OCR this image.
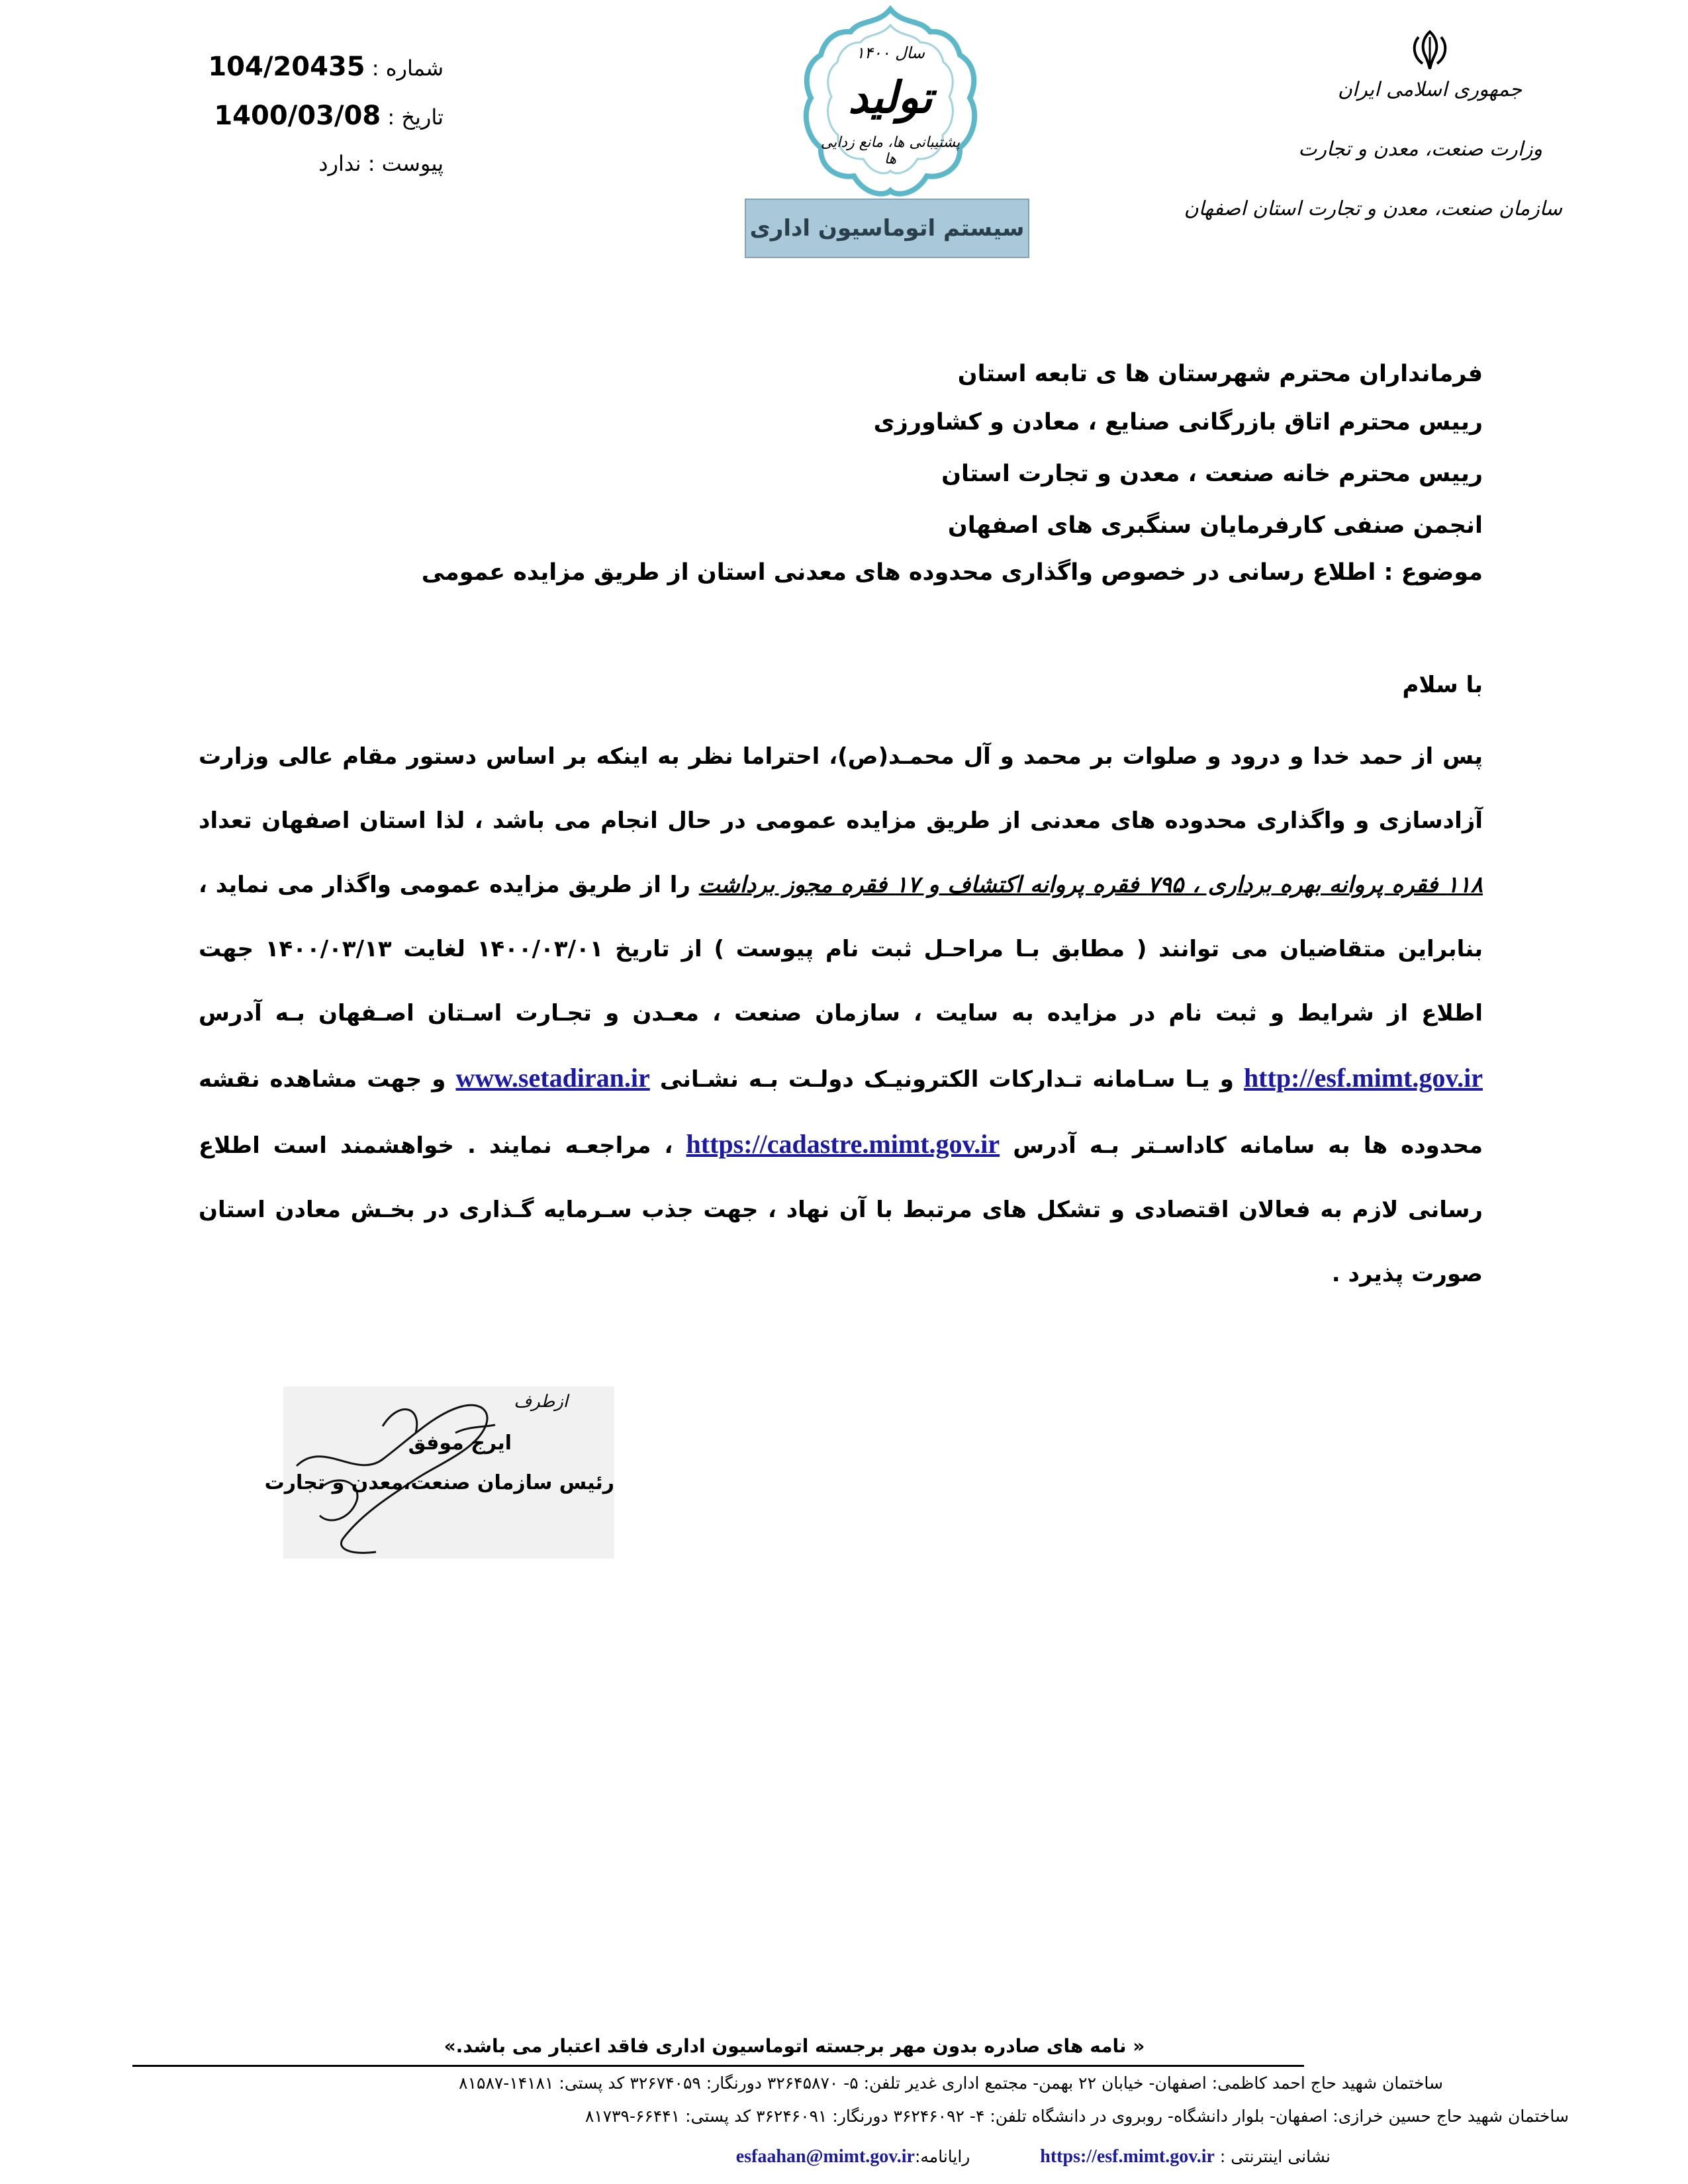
جمهوری اسلامی ایران
وزارت صنعت، معدن و تجارت
سازمان صنعت، معدن و تجارت استان اصفهان
سال ۱۴۰۰
تولید
پشتیبانی ها، مانع زدایی ها
سیستم اتوماسیون اداری
شماره : 104/20435
تاریخ : 1400/03/08
پیوست : ندارد
فرمانداران محترم شهرستان ها ی تابعه استان
رییس محترم اتاق بازرگانی صنایع ، معادن و کشاورزی
رییس محترم خانه صنعت ، معدن و تجارت استان
انجمن صنفی کارفرمایان سنگبری های اصفهان
موضوع : اطلاع رسانی در خصوص واگذاری محدوده های معدنی استان از طریق مزایده عمومی
با سلام
پس از حمد خدا و درود و صلوات بر محمد و آل محمـد(ص)، احتراما نظر به اینکه بر اساس دستور مقام عالی وزارت آزادسازی و واگذاری محدوده های معدنی از طریق مزایده عمومی در حال انجام می باشد ، لذا استان اصفهان تعداد ۱۱۸ فقره پروانه بهره برداری ، ۷۹۵ فقره پروانه اکتشاف و ۱۷ فقره مجوز برداشت را از طریق مزایده عمومی واگذار می نماید ، بنابراین متقاضیان می توانند ( مطابق بـا مراحـل ثبت نام پیوست ) از تاریخ ۱۴۰۰/۰۳/۰۱ لغایت ۱۴۰۰/۰۳/۱۳ جهت اطلاع از شرایط و ثبت نام در مزایده به سایت ، سازمان صنعت ، معـدن و تجـارت اسـتان اصـفهان بـه آدرس http://esf.mimt.gov.ir و یـا سـامانه تـدارکات الکترونیـک دولـت بـه نشـانی www.setadiran.ir و جهت مشاهده نقشه محدوده ها به سامانه کاداسـتر بـه آدرس https://cadastre.mimt.gov.ir ، مراجعـه نمایند . خواهشمند است اطلاع رسانی لازم به فعالان اقتصادی و تشکل های مرتبط با آن نهاد ، جهت جذب سـرمایه گـذاری در بخـش معادن استان صورت پذیرد .
ازطرف
ایرج موفق
رئیس سازمان صنعت،معدن و تجارت
« نامه های صادره بدون مهر برجسته اتوماسیون اداری فاقد اعتبار می باشد.»
ساختمان شهید حاج احمد کاظمی: اصفهان- خیابان ۲۲ بهمن- مجتمع اداری غدیر تلفن: ۵- ۳۲۶۴۵۸۷۰ دورنگار: ۳۲۶۷۴۰۵۹ کد پستی: ۱۴۱۸۱-۸۱۵۸۷
ساختمان شهید حاج حسین خرازی: اصفهان- بلوار دانشگاه- روبروی در دانشگاه تلفن: ۴- ۳۶۲۴۶۰۹۲ دورنگار: ۳۶۲۴۶۰۹۱ کد پستی: ۶۶۴۴۱-۸۱۷۳۹
نشانی اینترنتی : https://esf.mimt.gov.ir  رایانامه:esfaahan@mimt.gov.ir
